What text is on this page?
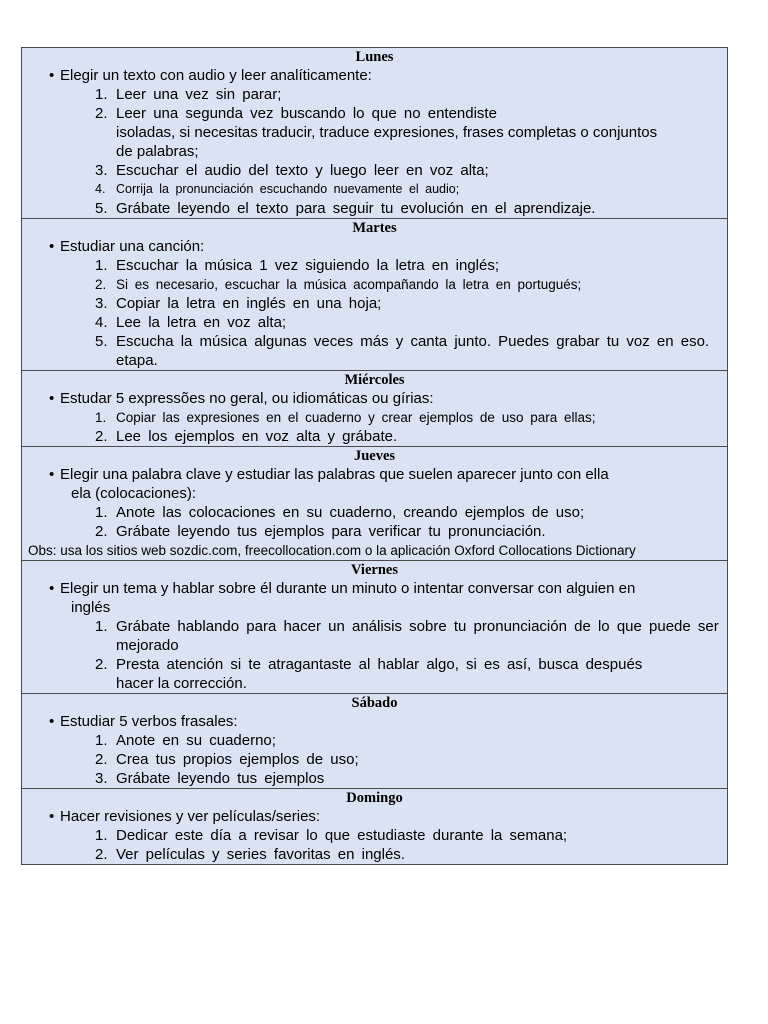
Lunes
• Elegir un texto con audio y leer analíticamente:
1. Leer una vez sin parar;
2. Leer una segunda vez buscando lo que no entendiste
isoladas, si necesitas traducir, traduce expresiones, frases completas o conjuntos
de palabras;
3. Escuchar el audio del texto y luego leer en voz alta;
4. Corrija la pronunciación escuchando nuevamente el audio;
5. Grábate leyendo el texto para seguir tu evolución en el aprendizaje.
Martes
• Estudiar una canción:
1. Escuchar la música 1 vez siguiendo la letra en inglés;
2. Si es necesario, escuchar la música acompañando la letra en portugués;
3. Copiar la letra en inglés en una hoja;
4. Lee la letra en voz alta;
5. Escucha la música algunas veces más y canta junto. Puedes grabar tu voz en eso.
etapa.
Miércoles
• Estudar 5 expressões no geral, ou idiomáticas ou gírias:
1. Copiar las expresiones en el cuaderno y crear ejemplos de uso para ellas;
2. Lee los ejemplos en voz alta y grábate.
Jueves
• Elegir una palabra clave y estudiar las palabras que suelen aparecer junto con ella
ela (colocaciones):
1. Anote las colocaciones en su cuaderno, creando ejemplos de uso;
2. Grábate leyendo tus ejemplos para verificar tu pronunciación.
Obs: usa los sitios web sozdic.com, freecollocation.com o la aplicación Oxford Collocations Dictionary
Viernes
• Elegir un tema y hablar sobre él durante un minuto o intentar conversar con alguien en
inglés
1. Grábate hablando para hacer un análisis sobre tu pronunciación de lo que puede ser
mejorado
2. Presta atención si te atragantaste al hablar algo, si es así, busca después
hacer la corrección.
Sábado
• Estudiar 5 verbos frasales:
1. Anote en su cuaderno;
2. Crea tus propios ejemplos de uso;
3. Grábate leyendo tus ejemplos
Domingo
• Hacer revisiones y ver películas/series:
1. Dedicar este día a revisar lo que estudiaste durante la semana;
2. Ver películas y series favoritas en inglés.
